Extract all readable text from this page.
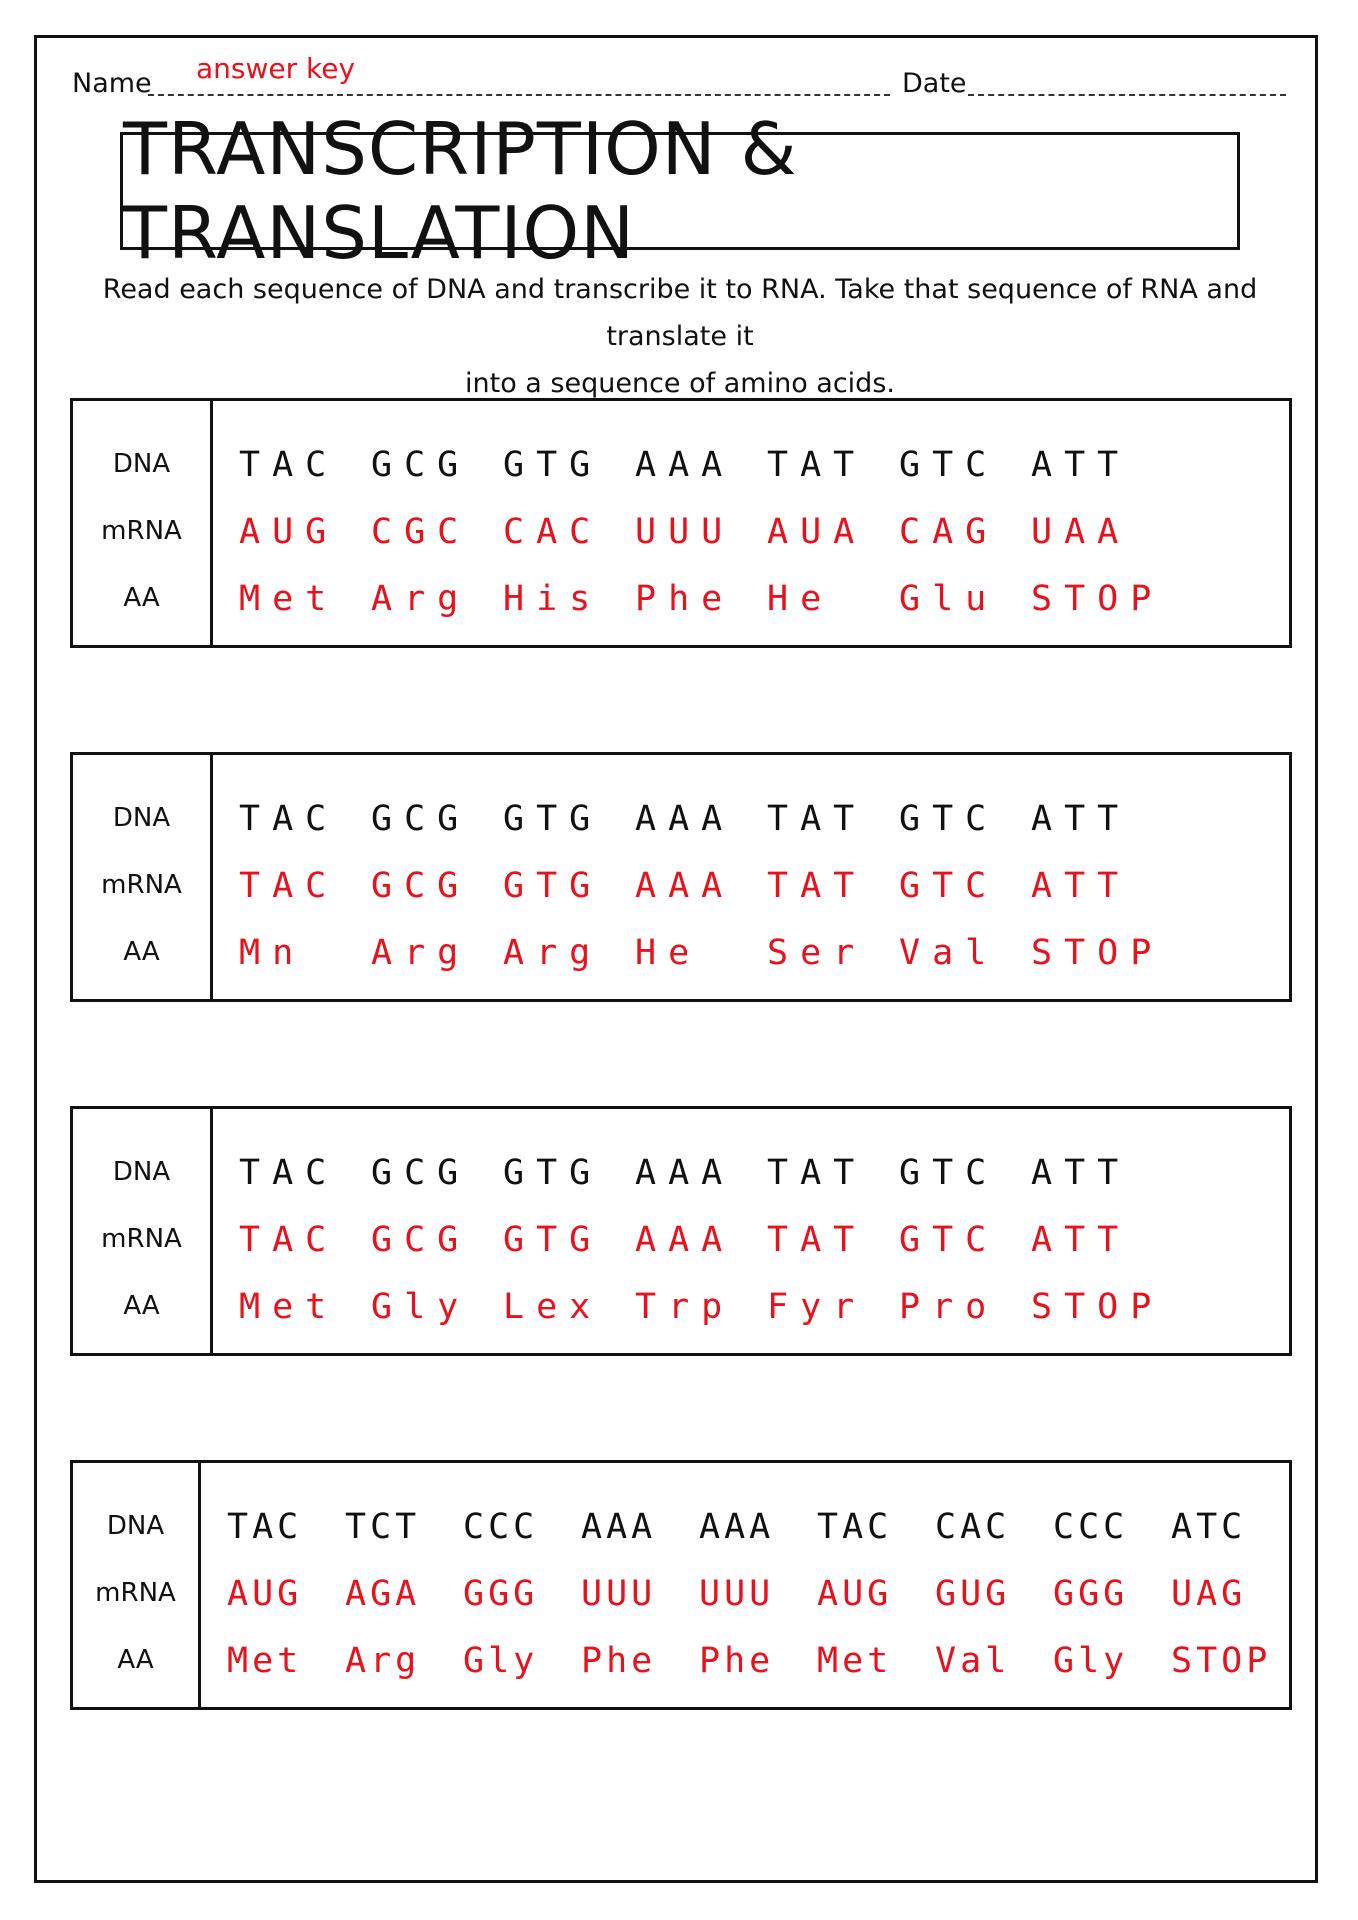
Name answer key	Date
TRANSCRIPTION & TRANSLATION
Read each sequence of DNA and transcribe it to RNA. Take that sequence of RNA and translate it
into a sequence of amino acids.
DNA
mRNA
AA
TAC GCG GTG AAA TAT GTC ATT
AUG CGC CAC UUU AUA CAG UAA
Met Arg His Phe He	Glu STOP
DNA
mRNA
AA
TAC GCG GTG AAA TAT GTC ATT
TAC GCG GTG AAA TAT GTC ATT
Mn	Arg Arg He	Ser Val STOP
DNA
mRNA
AA
TAC GCG GTG AAA TAT GTC ATT
TAC GCG GTG AAA TAT GTC ATT
Met Gly Lex Trp Fyr Pro STOP
DNA
mRNA
AA
TAC	TCT	CCC	AAA	AAA	TAC	CAC	CCC	ATC
AUG	AGA	GGG	UUU	UUU	AUG	GUG	GGG	UAG
Met	Arg	Gly	Phe	Phe	Met	Val	Gly	STOP
